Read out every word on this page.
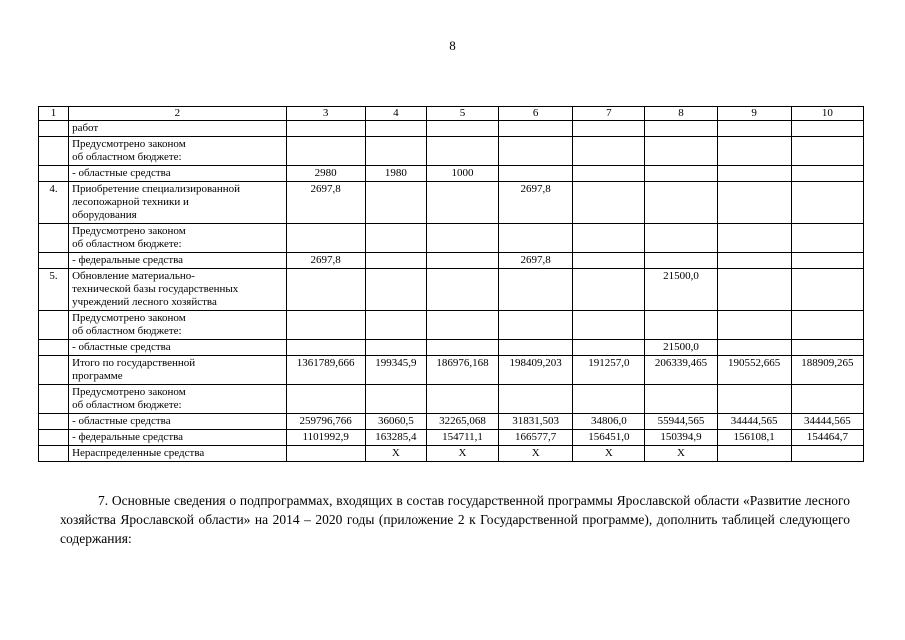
8
1	2	3	4	5	6	7	8	9	10

	работ								

	Предусмотрено законом
об областном бюджете:								

	- областные средства	2980	1980	1000					
4.	Приобретение специализированной
лесопожарной техники и
оборудования	2697,8			2697,8				

	Предусмотрено законом
об областном бюджете:								

	- федеральные средства	2697,8			2697,8				
5.	Обновление материально-
технической базы государственных
учреждений лесного хозяйства						21500,0		

	Предусмотрено законом
об областном бюджете:								

	- областные средства						21500,0		

	Итого по государственной
программе	1361789,666	199345,9	186976,168	198409,203	191257,0	206339,465	190552,665	188909,265

	Предусмотрено законом
об областном бюджете:								

	- областные средства	259796,766	36060,5	32265,068	31831,503	34806,0	55944,565	34444,565	34444,565

	- федеральные средства	1101992,9	163285,4	154711,1	166577,7	156451,0	150394,9	156108,1	154464,7

	Нераспределенные средства		Х	Х	Х	Х	Х		
7. Основные сведения о подпрограммах, входящих в состав государственной программы Ярославской области «Развитие лесного хозяйства Ярославской области» на 2014 – 2020 годы (приложение 2 к Государственной программе), дополнить таблицей следующего содержания:
